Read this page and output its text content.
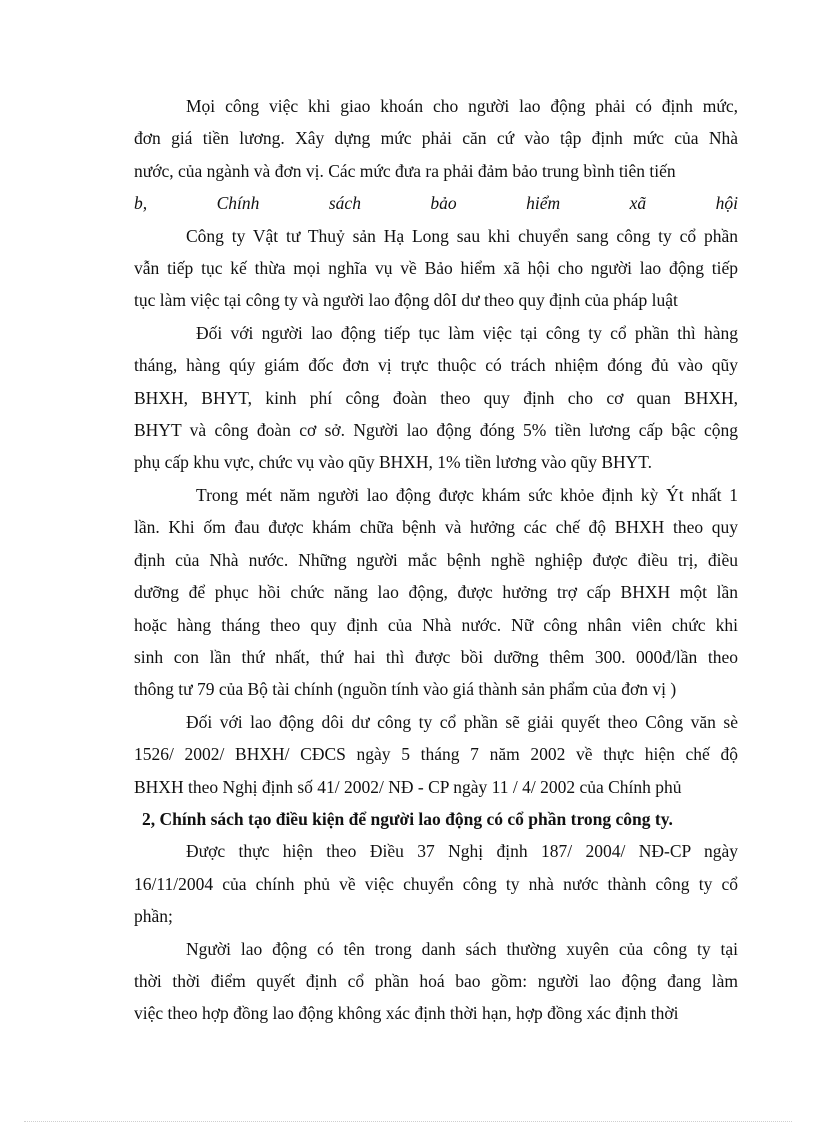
Mọi công việc khi giao khoán cho người lao động phải có định mức,
đơn giá tiền lương. Xây dựng mức phải căn cứ vào tập định mức của Nhà
nước, của ngành và đơn vị. Các mức đưa ra phải đảm bảo trung bình tiên tiến

b, Chính sách bảo hiểm xã hội

Công ty Vật tư Thuỷ sản Hạ Long sau khi chuyển sang công ty cổ phần
vẫn tiếp tục kế thừa mọi nghĩa vụ về Bảo hiểm xã hội cho người lao động tiếp
tục làm việc tại công ty và người lao động dôI dư theo quy định của pháp luật

Đối với người lao động tiếp tục làm việc tại công ty cổ phần thì hàng
tháng, hàng qúy giám đốc đơn vị trực thuộc có trách nhiệm đóng đủ vào qũy
BHXH, BHYT, kinh phí công đoàn theo quy định cho cơ quan BHXH,
BHYT và công đoàn cơ sở. Người lao động đóng 5% tiền lương cấp bậc cộng
phụ cấp khu vực, chức vụ vào qũy BHXH, 1% tiền lương vào qũy BHYT.

Trong mét năm người lao động được khám sức khỏe định kỳ Ýt nhất 1
lần. Khi ốm đau được khám chữa bệnh và hưởng các chế độ BHXH theo quy
định của Nhà nước. Những người mắc bệnh nghề nghiệp được điều trị, điều
dưỡng để phục hồi chức năng lao động, được hưởng trợ cấp BHXH một lần
hoặc hàng tháng theo quy định của Nhà nước. Nữ công nhân viên chức khi
sinh con lần thứ nhất, thứ hai thì được bồi dưỡng thêm 300. 000đ/lần theo
thông tư 79 của Bộ tài chính (nguồn tính vào giá thành sản phẩm của đơn vị )

Đối với lao động dôi dư công ty cổ phần sẽ giải quyết theo Công văn sè
1526/ 2002/ BHXH/ CĐCS ngày 5 tháng 7 năm 2002 về thực hiện chế độ
BHXH theo Nghị định số 41/ 2002/ NĐ - CP ngày 11 / 4/ 2002 của Chính phủ

2, Chính sách tạo điều kiện để người lao động có cổ phần trong công ty.

Được thực hiện theo Điều 37 Nghị định 187/ 2004/ NĐ-CP ngày
16/11/2004 của chính phủ về việc chuyển công ty nhà nước thành công ty cổ
phần;

Người lao động có tên trong danh sách thường xuyên của công ty tại
thời thời điểm quyết định cổ phần hoá bao gồm: người lao động đang làm
việc theo hợp đồng lao động không xác định thời hạn, hợp đồng xác định thời
